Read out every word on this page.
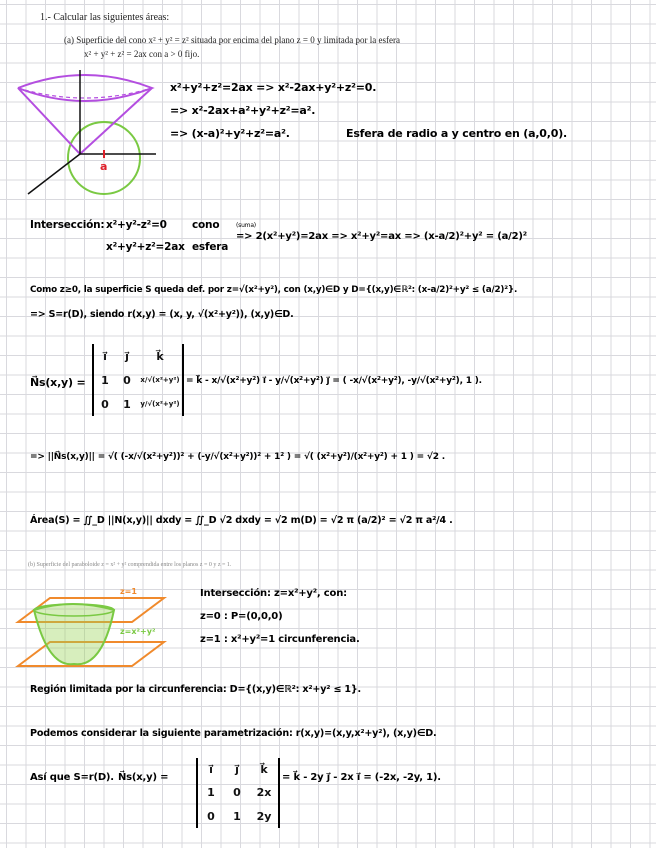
1.- Calcular las siguientes áreas:
(a) Superficie del cono x² + y² = z² situada por encima del plano z = 0 y limitada por la esfera
x² + y² + z² = 2ax con a > 0 fijo.
a
x²+y²+z²=2ax => x²-2ax+y²+z²=0.
=> x²-2ax+a²+y²+z²=a².
=> (x-a)²+y²+z²=a².	Esfera de radio a y centro en (a,0,0).
Intersección: x²+y²-z²=0 cono
x²+y²+z²=2ax esfera
(suma)
=> 2(x²+y²)=2ax => x²+y²=ax => (x-a/2)²+y² = (a/2)²
Como z≥0, la superficie S queda def. por z=√(x²+y²), con (x,y)∈D y D={(x,y)∈ℝ²: (x-a/2)²+y² ≤ (a/2)²}.
=> S=r(D), siendo r(x,y) = (x, y, √(x²+y²)), (x,y)∈D.
N⃗s(x,y) =
i⃗	j⃗	k⃗
1	0	x/√(x²+y²)
0	1	y/√(x²+y²)
= k⃗ - x/√(x²+y²) i⃗ - y/√(x²+y²) j⃗ = ( -x/√(x²+y²), -y/√(x²+y²), 1 ).
=> ||N⃗s(x,y)|| = √( (-x/√(x²+y²))² + (-y/√(x²+y²))² + 1² ) = √( (x²+y²)/(x²+y²) + 1 ) = √2 .
Área(S) = ∬_D ||N(x,y)|| dxdy = ∬_D √2 dxdy = √2 m(D) = √2 π (a/2)² = √2 π a²/4 .
(b) Superficie del paraboloide z = x² + y² comprendida entre los planos z = 0 y z = 1.
z=1
z=x²+y²
Intersección: z=x²+y², con:
z=0 : P=(0,0,0)
z=1 : x²+y²=1 circunferencia.
Región limitada por la circunferencia: D={(x,y)∈ℝ²: x²+y² ≤ 1}.
Podemos considerar la siguiente parametrización: r(x,y)=(x,y,x²+y²), (x,y)∈D.
Así que S=r(D). N⃗s(x,y) =
i⃗	j⃗	k⃗
1	0	2x
0	1	2y
= k⃗ - 2y j⃗ - 2x i⃗ = (-2x, -2y, 1).
